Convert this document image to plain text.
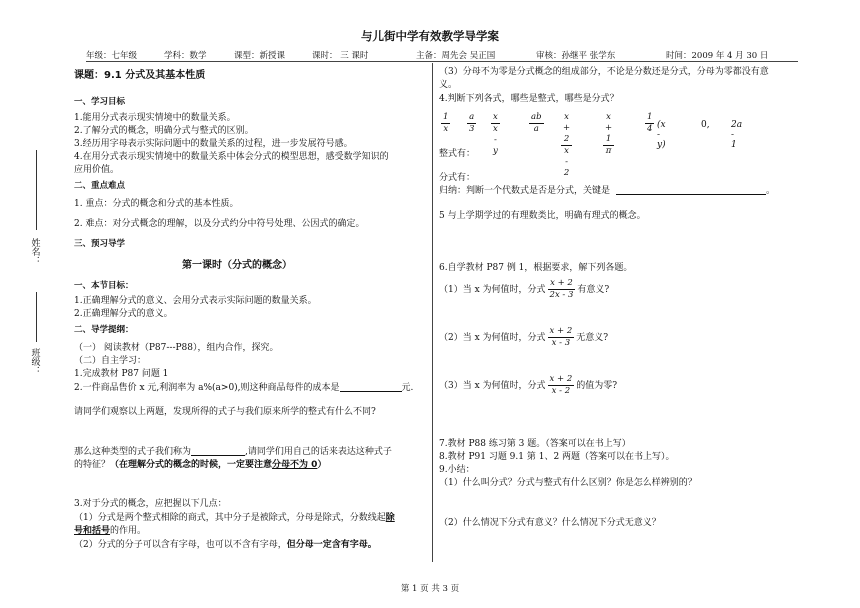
与儿街中学有效教学导学案
年级：七年级	学科：数学	课型：新授课	课时： 三 课时	主备：周先会 吴正国	审核：孙继平 张学东	时间：2009 年 4 月 30 日
姓名：
班级：
课题：9.1 分式及其基本性质
一、学习目标
1.能用分式表示现实情境中的数量关系。
2.了解分式的概念，明确分式与整式的区别。
3.经历用字母表示实际问题中的数量关系的过程，进一步发展符号感。
4.在用分式表示现实情境中的数量关系中体会分式的模型思想，感受数学知识的
应用价值。
二、重点难点
1. 重点：分式的概念和分式的基本性质。
2. 难点：对分式概念的理解，以及分式约分中符号处理、公因式的确定。
三、预习导学
第一课时（分式的概念）
一、本节目标：
1.正确理解分式的意义、会用分式表示实际问题的数量关系。
2.正确理解分式的意义。
二、导学提纲：
（一） 阅读教材（P87---P88），组内合作，探究。
（二）自主学习：
1.完成教材 P87 问题 1
2.一件商品售价 x 元,利润率为 a%(a>0),则这种商品每件的成本是	元.
请同学们观察以上两题，发现所得的式子与我们原来所学的整式有什么不同?
那么这种类型的式子我们称为	,请同学们用自己的话来表达这种式子
的特征？（在理解分式的概念的时候，一定要注意分母不为 0）
3.对于分式的概念，应把握以下几点：
（1）分式是两个整式相除的商式，其中分子是被除式，分母是除式，分数线起除
号和括号的作用。
（2）分式的分子可以含有字母，也可以不含有字母，但分母一定含有字母。
（3）分母不为零是分式概念的组成部分，不论是分数还是分式，分母为零都没有意
义。
4.判断下列各式，哪些是整式，哪些是分式？
$\frac{1}{x} \frac{a}{3} \frac{x}{x - y}$	$\frac{ab}{a} \frac{x + 2}{x - 2}$	$\frac{x + 1}{\pi}$	$\frac{1}{4} (x - y)$
0, 2a - 1
整式有：
分式有：
归纳：判断一个代数式是否是分式，关键是	。
5 与上学期学过的有理数类比，明确有理式的概念。
6.自学教材 P87 例 1，根据要求，解下列各题。
（1）当 x 为何值时，分式 $\frac{x + 2}{2x - 3}$ 有意义?
（2）当 x 为何值时，分式 $\frac{x + 2}{x - 3}$ 无意义?
（3）当 x 为何值时，分式 $\frac{x + 2}{x - 2}$ 的值为零?
7.教材 P88 练习第 3 题。（答案可以在书上写）
8.教材 P91 习题 9.1 第 1、2 两题（答案可以在书上写）。
9.小结：
（1）什么叫分式？分式与整式有什么区别？你是怎么样辨别的？
（2）什么情况下分式有意义？什么情况下分式无意义？
第 1 页 共 3 页
